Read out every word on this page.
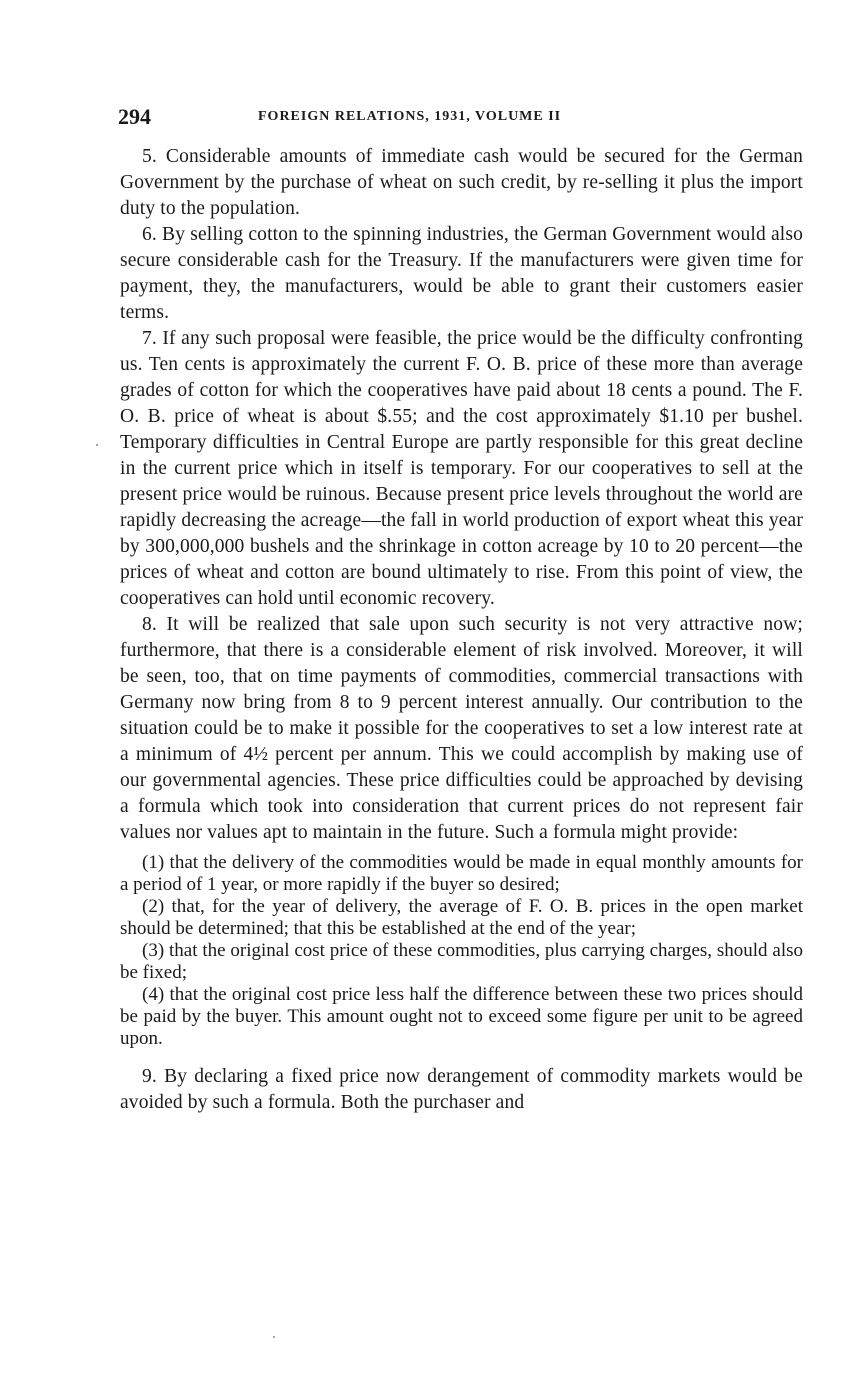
294	FOREIGN RELATIONS, 1931, VOLUME II

5. Considerable amounts of immediate cash would be secured for the German Government by the purchase of wheat on such credit, by re-selling it plus the import duty to the population.

6. By selling cotton to the spinning industries, the German Government would also secure considerable cash for the Treasury. If the manufacturers were given time for payment, they, the manufacturers, would be able to grant their customers easier terms.

7. If any such proposal were feasible, the price would be the difficulty confronting us. Ten cents is approximately the current F. O. B. price of these more than average grades of cotton for which the cooperatives have paid about 18 cents a pound. The F. O. B. price of wheat is about $.55; and the cost approximately $1.10 per bushel. Temporary difficulties in Central Europe are partly responsible for this great decline in the current price which in itself is temporary. For our cooperatives to sell at the present price would be ruinous. Because present price levels throughout the world are rapidly decreasing the acreage—the fall in world production of export wheat this year by 300,000,000 bushels and the shrinkage in cotton acreage by 10 to 20 percent—the prices of wheat and cotton are bound ultimately to rise. From this point of view, the cooperatives can hold until economic recovery.

8. It will be realized that sale upon such security is not very attractive now; furthermore, that there is a considerable element of risk involved. Moreover, it will be seen, too, that on time payments of commodities, commercial transactions with Germany now bring from 8 to 9 percent interest annually. Our contribution to the situation could be to make it possible for the cooperatives to set a low interest rate at a minimum of 4½ percent per annum. This we could accomplish by making use of our governmental agencies. These price difficulties could be approached by devising a formula which took into consideration that current prices do not represent fair values nor values apt to maintain in the future. Such a formula might provide:

(1) that the delivery of the commodities would be made in equal monthly amounts for a period of 1 year, or more rapidly if the buyer so desired;

(2) that, for the year of delivery, the average of F. O. B. prices in the open market should be determined; that this be established at the end of the year;

(3) that the original cost price of these commodities, plus carrying charges, should also be fixed;

(4) that the original cost price less half the difference between these two prices should be paid by the buyer. This amount ought not to exceed some figure per unit to be agreed upon.

9. By declaring a fixed price now derangement of commodity markets would be avoided by such a formula. Both the purchaser and
